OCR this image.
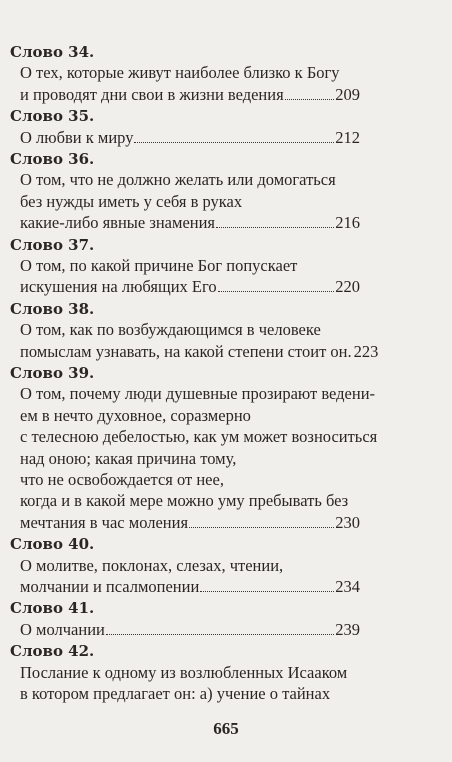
Слово 34.
О тех, которые живут наиболее близко к Богу
и проводят дни свои в жизни ведения	209
Слово 35.
О любви к миру	212
Слово 36.
О том, что не должно желать или домогаться
без нужды иметь у себя в руках
какие-либо явные знамения	216
Слово 37.
О том, по какой причине Бог попускает
искушения на любящих Его	220
Слово 38.
О том, как по возбуждающимся в человеке
помыслам узнавать, на какой степени стоит он. 223
Слово 39.
О том, почему люди душевные прозирают ведени-
ем в нечто духовное, соразмерно
с телесною дебелостью, как ум может возноситься
над оною; какая причина тому,
что не освобождается от нее,
когда и в какой мере можно уму пребывать без
мечтания в час моления	230
Слово 40.
О молитве, поклонах, слезах, чтении,
молчании и псалмопении	234
Слово 41.
О молчании	239
Слово 42.
Послание к одному из возлюбленных Исааком
в котором предлагает он: а) учение о тайнах
665
